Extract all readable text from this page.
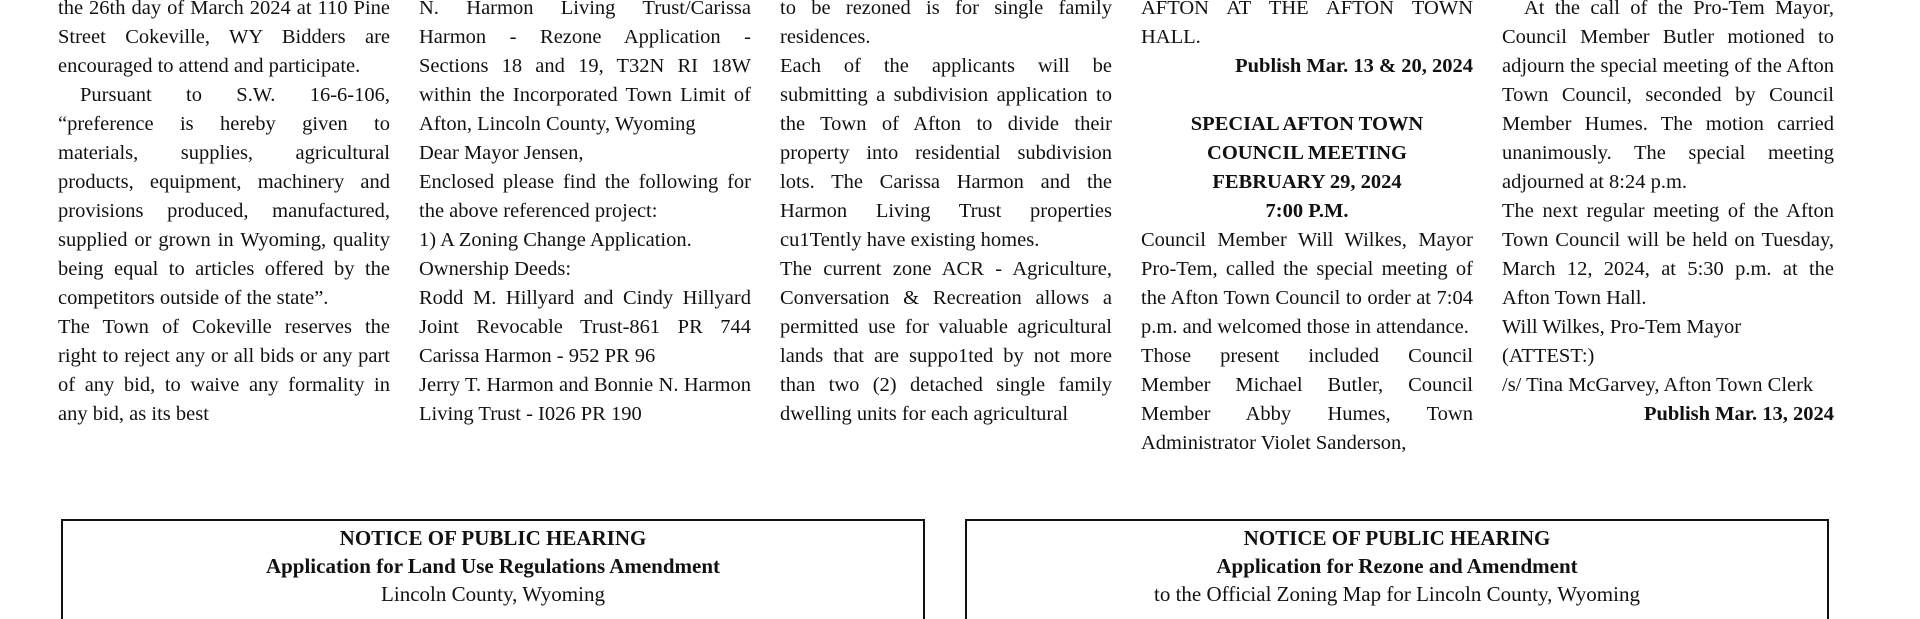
the 26th day of March 2024 at 110 Pine Street Cokeville, WY Bidders are encouraged to attend and participate.

Pursuant to S.W. 16-6-106, “preference is hereby given to materials, supplies, agricultural products, equipment, machinery and provisions produced, manufactured, supplied or grown in Wyoming, quality being equal to articles offered by the competitors outside of the state”.

The Town of Cokeville reserves the right to reject any or all bids or any part of any bid, to waive any formality in any bid, as its best

N. Harmon Living Trust/Carissa Harmon - Rezone Application - Sections 18 and 19, T32N RI 18W within the Incorporated Town Limit of Afton, Lincoln County, Wyoming

Dear Mayor Jensen,

Enclosed please find the following for the above referenced project:

1) A Zoning Change Application.

Ownership Deeds:

Rodd M. Hillyard and Cindy Hillyard Joint Revocable Trust-861 PR 744 Carissa Harmon - 952 PR 96

Jerry T. Harmon and Bonnie N. Harmon Living Trust - I026 PR 190

to be rezoned is for single family residences.

Each of the applicants will be submitting a subdivision application to the Town of Afton to divide their property into residential subdivision lots. The Carissa Harmon and the Harmon Living Trust properties cu1Tently have existing homes.

The current zone ACR - Agriculture, Conversation & Recreation allows a permitted use for valuable agricultural lands that are suppo1ted by not more than two (2) detached single family dwelling units for each agricultural

AFTON AT THE AFTON TOWN HALL.

Publish Mar. 13 & 20, 2024

SPECIAL AFTON TOWN
COUNCIL MEETING
FEBRUARY 29, 2024
7:00 P.M.

Council Member Will Wilkes, Mayor Pro-Tem, called the special meeting of the Afton Town Council to order at 7:04 p.m. and welcomed those in attendance.

Those present included Council Member Michael Butler, Council Member Abby Humes, Town Administrator Violet Sanderson,

At the call of the Pro-Tem Mayor, Council Member Butler motioned to adjourn the special meeting of the Afton Town Council, seconded by Council Member Humes. The motion carried unanimously. The special meeting adjourned at 8:24 p.m.

The next regular meeting of the Afton Town Council will be held on Tuesday, March 12, 2024, at 5:30 p.m. at the Afton Town Hall.

Will Wilkes, Pro-Tem Mayor

(ATTEST:)

/s/ Tina McGarvey, Afton Town Clerk

Publish Mar. 13, 2024

NOTICE OF PUBLIC HEARING
Application for Land Use Regulations Amendment
Lincoln County, Wyoming
NOTICE OF PUBLIC HEARING
Application for Rezone and Amendment
to the Official Zoning Map for Lincoln County, Wyoming
